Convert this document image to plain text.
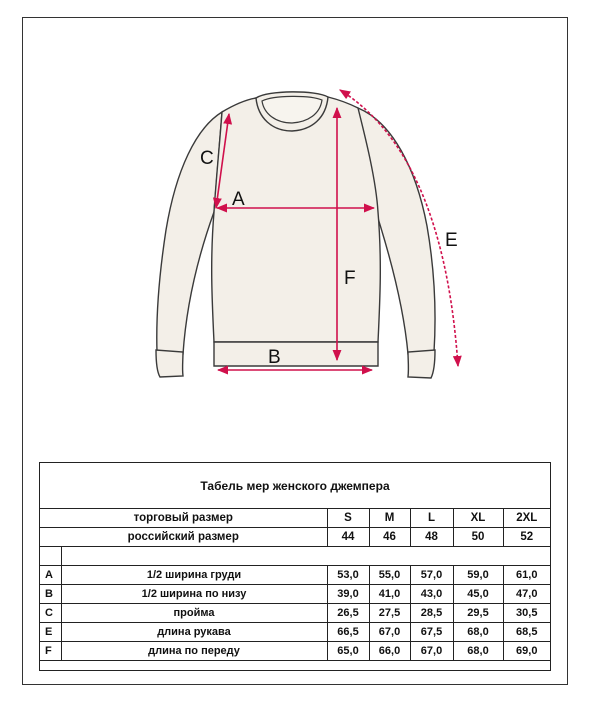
C
A
F
B
E
Табель мер женского джемпера
торговый размер		S	M	L	XL	2XL
российский размер		44	46	48	50	52

A	1/2 ширина груди	53,0	55,0	57,0	59,0	61,0
B	1/2 ширина по низу	39,0	41,0	43,0	45,0	47,0
C	пройма	26,5	27,5	28,5	29,5	30,5
E	длина рукава	66,5	67,0	67,5	68,0	68,5
F	длина по переду	65,0	66,0	67,0	68,0	69,0
